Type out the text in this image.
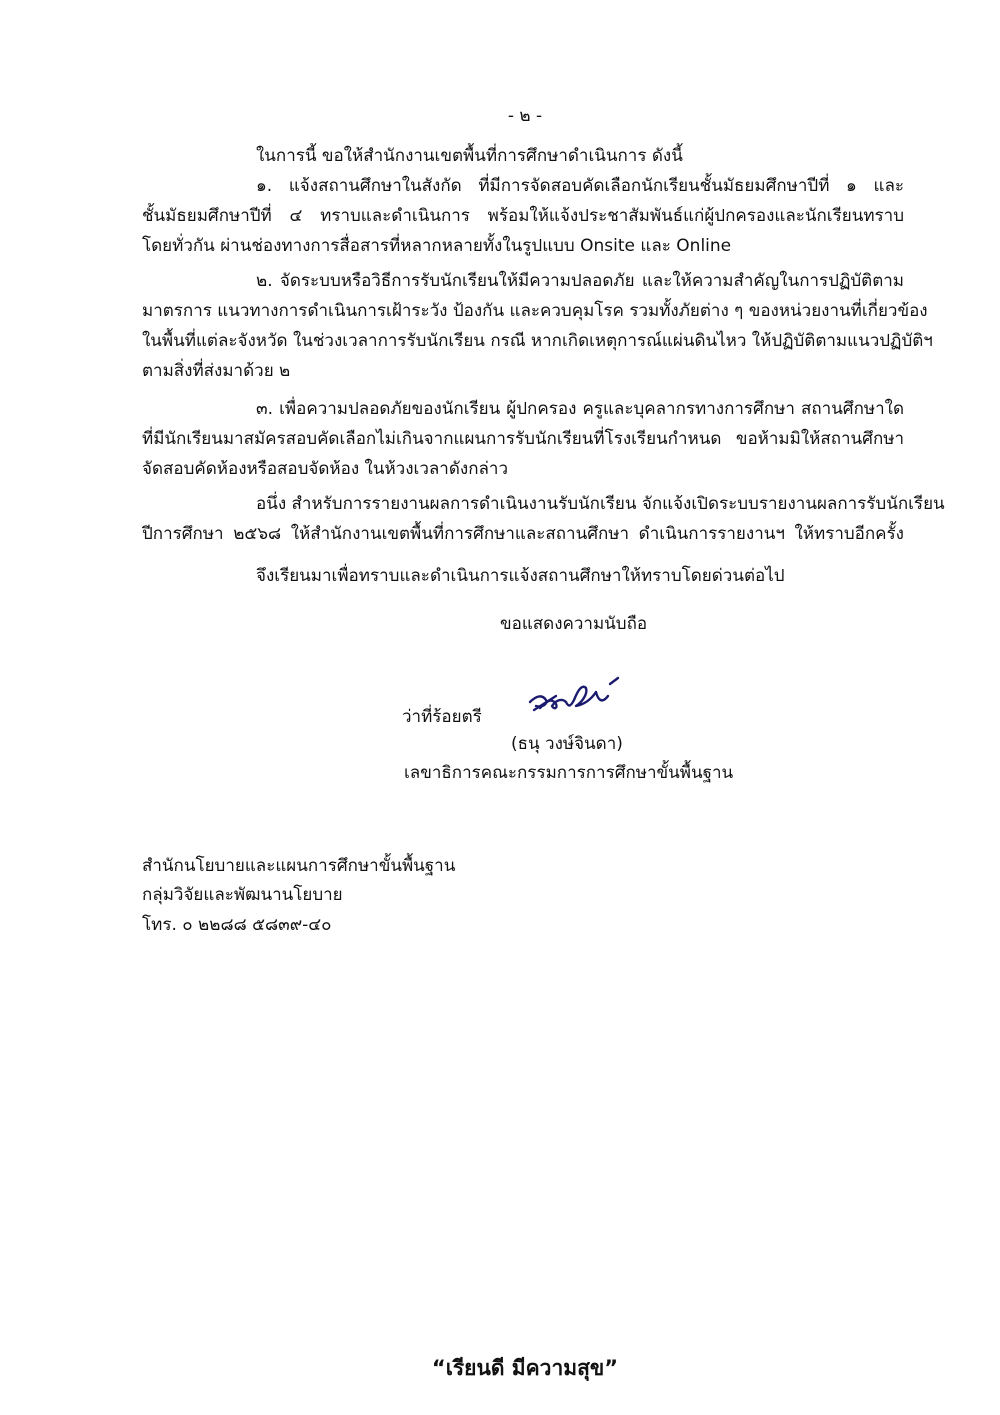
- ๒ -
ในการนี้ ขอให้สำนักงานเขตพื้นที่การศึกษาดำเนินการ ดังนี้
๑. แจ้งสถานศึกษาในสังกัด ที่มีการจัดสอบคัดเลือกนักเรียนชั้นมัธยมศึกษาปีที่ ๑ และ
ชั้นมัธยมศึกษาปีที่ ๔ ทราบและดำเนินการ พร้อมให้แจ้งประชาสัมพันธ์แก่ผู้ปกครองและนักเรียนทราบ
โดยทั่วกัน ผ่านช่องทางการสื่อสารที่หลากหลายทั้งในรูปแบบ Onsite และ Online
๒. จัดระบบหรือวิธีการรับนักเรียนให้มีความปลอดภัย และให้ความสำคัญในการปฏิบัติตาม
มาตรการ แนวทางการดำเนินการเฝ้าระวัง ป้องกัน และควบคุมโรค รวมทั้งภัยต่าง ๆ ของหน่วยงานที่เกี่ยวข้อง
ในพื้นที่แต่ละจังหวัด ในช่วงเวลาการรับนักเรียน กรณี หากเกิดเหตุการณ์แผ่นดินไหว ให้ปฏิบัติตามแนวปฏิบัติฯ
ตามสิ่งที่ส่งมาด้วย ๒
๓. เพื่อความปลอดภัยของนักเรียน ผู้ปกครอง ครูและบุคลากรทางการศึกษา สถานศึกษาใด
ที่มีนักเรียนมาสมัครสอบคัดเลือกไม่เกินจากแผนการรับนักเรียนที่โรงเรียนกำหนด ขอห้ามมิให้สถานศึกษา
จัดสอบคัดห้องหรือสอบจัดห้อง ในห้วงเวลาดังกล่าว
อนึ่ง สำหรับการรายงานผลการดำเนินงานรับนักเรียน จักแจ้งเปิดระบบรายงานผลการรับนักเรียน
ปีการศึกษา ๒๕๖๘ ให้สำนักงานเขตพื้นที่การศึกษาและสถานศึกษา ดำเนินการรายงานฯ ให้ทราบอีกครั้ง
จึงเรียนมาเพื่อทราบและดำเนินการแจ้งสถานศึกษาให้ทราบโดยด่วนต่อไป
ขอแสดงความนับถือ
ว่าที่ร้อยตรี
(ธนุ วงษ์จินดา)
เลขาธิการคณะกรรมการการศึกษาขั้นพื้นฐาน
สำนักนโยบายและแผนการศึกษาขั้นพื้นฐาน
กลุ่มวิจัยและพัฒนานโยบาย
โทร. ๐ ๒๒๘๘ ๕๘๓๙-๔๐
“เรียนดี มีความสุข”
